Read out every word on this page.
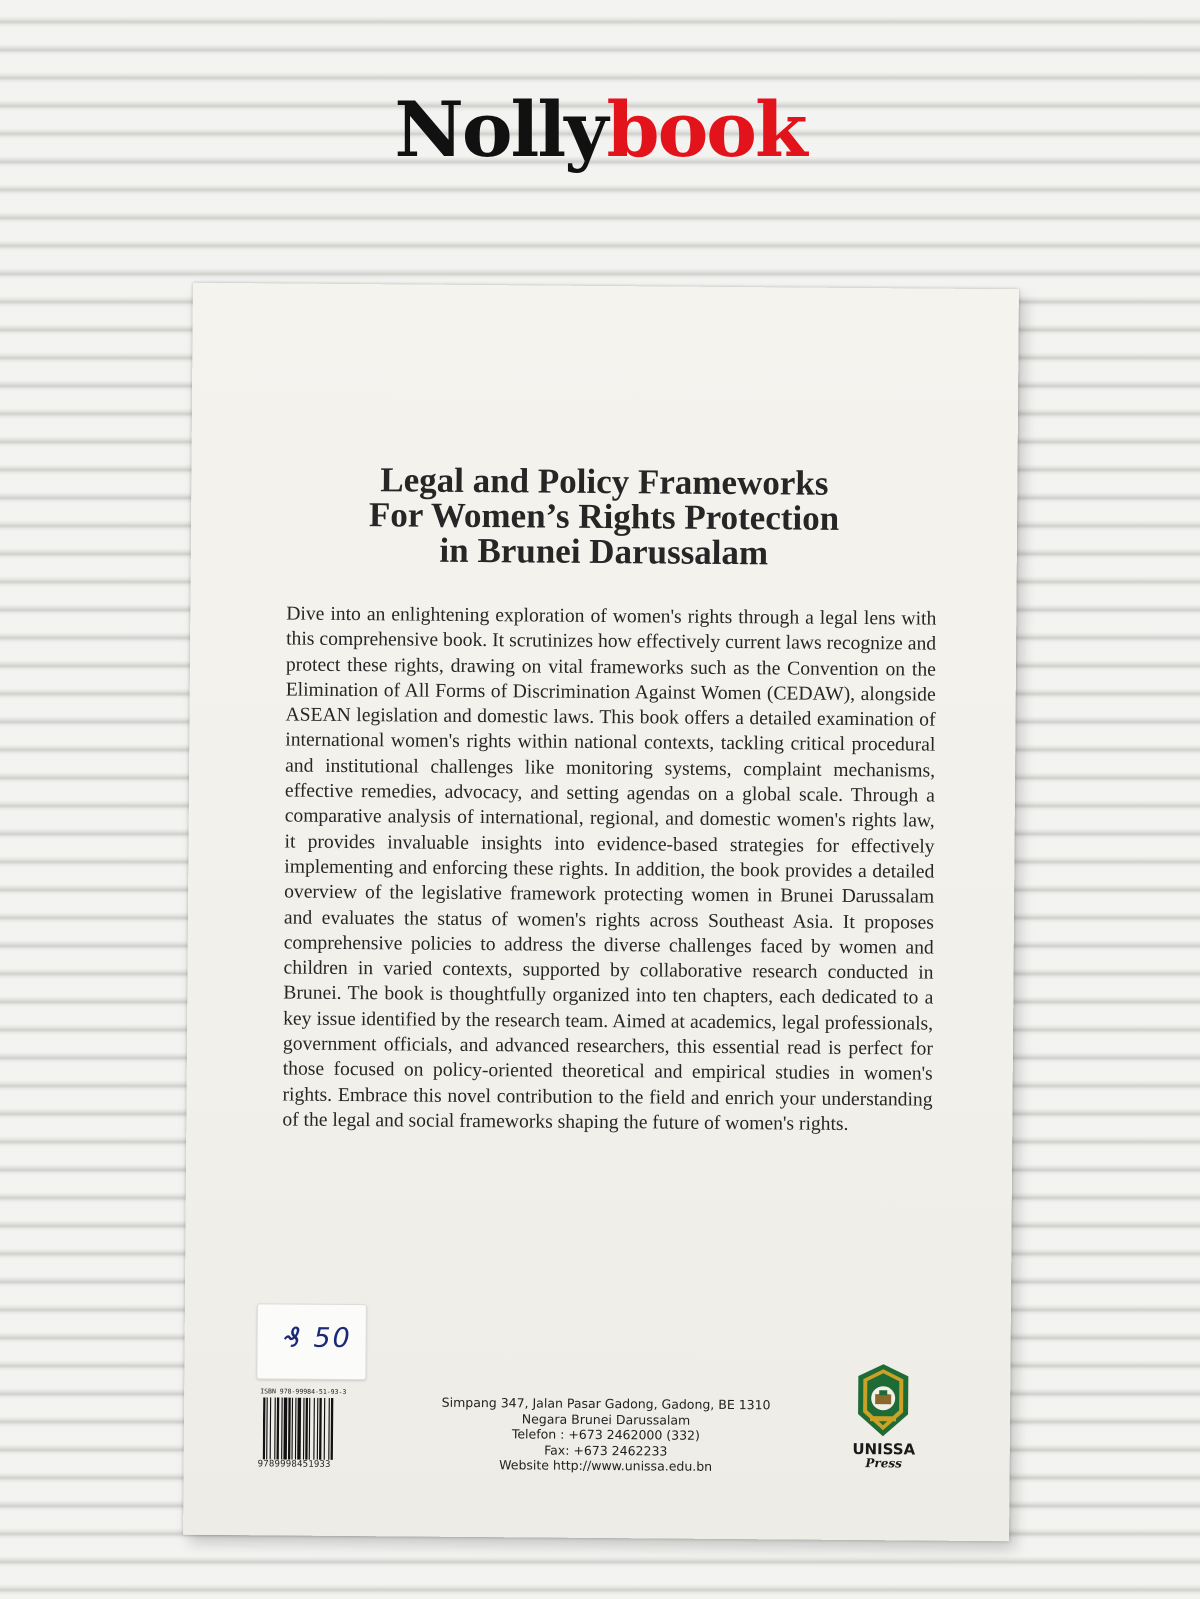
Nollybook
Legal and Policy Frameworks
For Women’s Rights Protection
in Brunei Darussalam

Dive into an enlightening exploration of women's rights through a legal lens with this comprehensive book. It scrutinizes how effectively current laws recognize and protect these rights, drawing on vital frameworks such as the Convention on the Elimination of All Forms of Discrimination Against Women (CEDAW), alongside ASEAN legislation and domestic laws. This book offers a detailed examination of international women's rights within national contexts, tackling critical procedural and institutional challenges like monitoring systems, complaint mechanisms, effective remedies, advocacy, and setting agendas on a global scale. Through a comparative analysis of international, regional, and domestic women's rights law, it provides invaluable insights into evidence-based strategies for effectively implementing and enforcing these rights. In addition, the book provides a detailed overview of the legislative framework protecting women in Brunei Darussalam and evaluates the status of women's rights across Southeast Asia. It proposes comprehensive policies to address the diverse challenges faced by women and children in varied contexts, supported by collaborative research conducted in Brunei. The book is thoughtfully organized into ten chapters, each dedicated to a key issue identified by the research team. Aimed at academics, legal professionals, government officials, and advanced researchers, this essential read is perfect for those focused on policy-oriented theoretical and empirical studies in women's rights. Embrace this novel contribution to the field and enrich your understanding of the legal and social frameworks shaping the future of women's rights.

₰ 50
ISBN 978-99984-51-93-3
9789998451933
Simpang 347, Jalan Pasar Gadong, Gadong, BE 1310
Negara Brunei Darussalam
Telefon : +673 2462000 (332)
Fax: +673 2462233
Website http://www.unissa.edu.bn
UNISSA
Press
